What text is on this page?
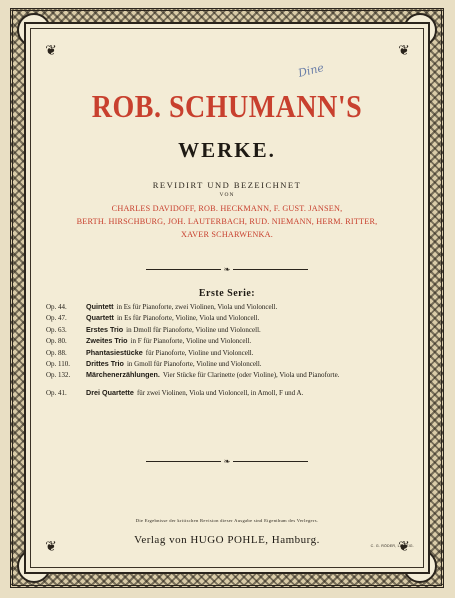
❦	❦
❦	❦
Dine
ROB. SCHUMANN'S
WERKE.
REVIDIRT UND BEZEICHNET
VON
CHARLES DAVIDOFF, ROB. HECKMANN, F. GUST. JANSEN,
BERTH. HIRSCHBURG, JOH. LAUTERBACH, RUD. NIEMANN, HERM. RITTER,
XAVER SCHARWENKA.
❧
Erste Serie:
Op. 44.	Quintett in Es für Pianoforte, zwei Violinen, Viola und Violoncell.
Op. 47.	Quartett in Es für Pianoforte, Violine, Viola und Violoncell.
Op. 63.	Erstes Trio in Dmoll für Pianoforte, Violine und Violoncell.
Op. 80.	Zweites Trio in F für Pianoforte, Violine und Violoncell.
Op. 88.	Phantasiestücke für Pianoforte, Violine und Violoncell.
Op. 110.	Drittes Trio in Gmoll für Pianoforte, Violine und Violoncell.
Op. 132.	Märchenerzählungen. Vier Stücke für Clarinette (oder Violine), Viola und Pianoforte.
Op. 41.	Drei Quartette für zwei Violinen, Viola und Violoncell, in Amoll, F und A.
❧
Die Ergebnisse der kritischen Revision dieser Ausgabe sind Eigenthum des Verlegers.
Verlag von HUGO POHLE, Hamburg.	C. G. RÖDER, LEIPZIG.
